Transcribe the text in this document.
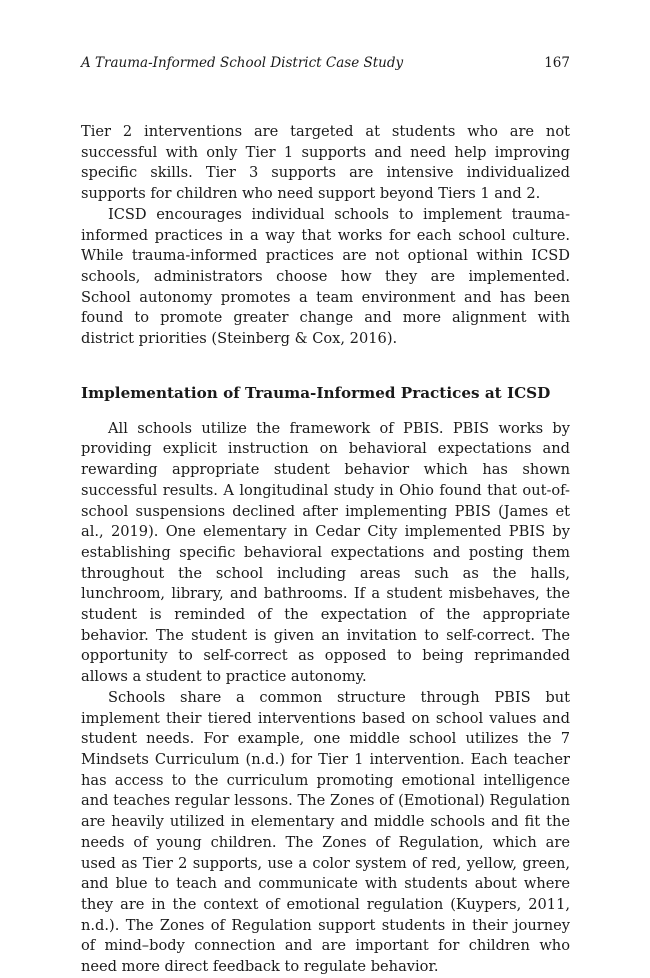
A Trauma-Informed School District Case Study	167

Tier 2 interventions are targeted at students who are not successful with only Tier 1 supports and need help improving specific skills. Tier 3 supports are intensive individualized supports for children who need support beyond Tiers 1 and 2.

ICSD encourages individual schools to implement trauma-informed practices in a way that works for each school culture. While trauma-informed practices are not optional within ICSD schools, administrators choose how they are implemented. School autonomy promotes a team environment and has been found to promote greater change and more alignment with district priorities (Steinberg & Cox, 2016).

Implementation of Trauma-Informed Practices at ICSD

All schools utilize the framework of PBIS. PBIS works by providing explicit instruction on behavioral expectations and rewarding appropriate student behavior which has shown successful results. A longitudinal study in Ohio found that out-of-school suspensions declined after implementing PBIS (James et al., 2019). One elementary in Cedar City implemented PBIS by establishing specific behavioral expectations and posting them throughout the school including areas such as the halls, lunchroom, library, and bathrooms. If a student misbehaves, the student is reminded of the expectation of the appropriate behavior. The student is given an invitation to self-correct. The opportunity to self-correct as opposed to being reprimanded allows a student to practice autonomy.

Schools share a common structure through PBIS but implement their tiered interventions based on school values and student needs. For example, one middle school utilizes the 7 Mindsets Curriculum (n.d.) for Tier 1 intervention. Each teacher has access to the curriculum promoting emotional intelligence and teaches regular lessons. The Zones of (Emotional) Regulation are heavily utilized in elementary and middle schools and fit the needs of young children. The Zones of Regulation, which are used as Tier 2 supports, use a color system of red, yellow, green, and blue to teach and communicate with students about where they are in the context of emotional regulation (Kuypers, 2011, n.d.). The Zones of Regulation support students in their journey of mind–body connection and are important for children who need more direct feedback to regulate behavior.
